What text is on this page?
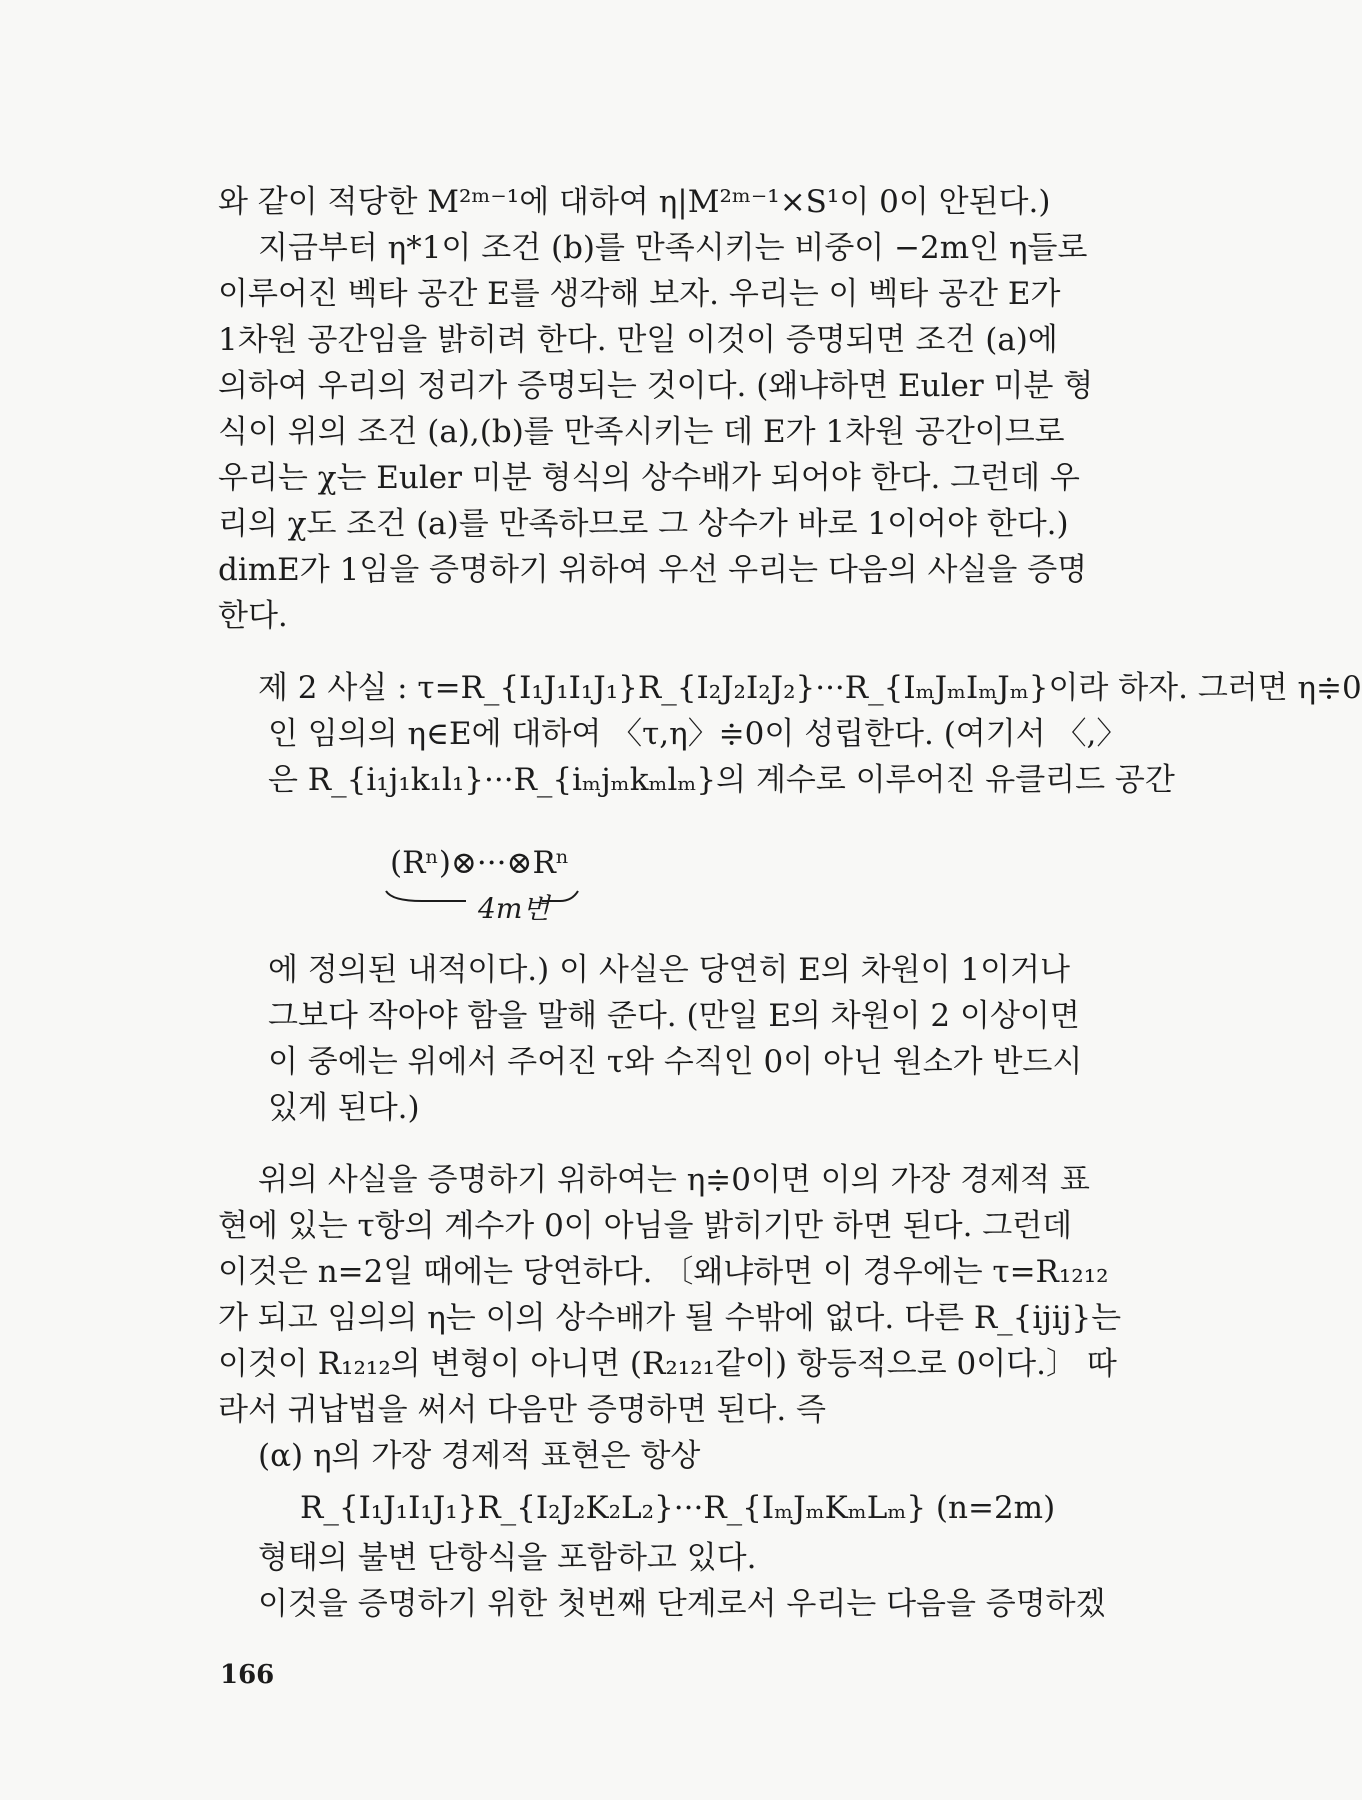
와 같이 적당한 M²ᵐ⁻¹에 대하여 η|M²ᵐ⁻¹×S¹이 0이 안된다.)
지금부터 η*1이 조건 (b)를 만족시키는 비중이 −2m인 η들로
이루어진 벡타 공간 E를 생각해 보자. 우리는 이 벡타 공간 E가
1차원 공간임을 밝히려 한다. 만일 이것이 증명되면 조건 (a)에
의하여 우리의 정리가 증명되는 것이다. (왜냐하면 Euler 미분 형
식이 위의 조건 (a),(b)를 만족시키는 데 E가 1차원 공간이므로
우리는 χ는 Euler 미분 형식의 상수배가 되어야 한다. 그런데 우
리의 χ도 조건 (a)를 만족하므로 그 상수가 바로 1이어야 한다.)
dimE가 1임을 증명하기 위하여 우선 우리는 다음의 사실을 증명
한다.
제 2 사실 : τ=R_{I₁J₁I₁J₁}R_{I₂J₂I₂J₂}···R_{IₘJₘIₘJₘ}이라 하자. 그러면 η≑0
인 임의의 η∈E에 대하여 〈τ,η〉≑0이 성립한다. (여기서 〈,〉
은 R_{i₁j₁k₁l₁}···R_{iₘjₘkₘlₘ}의 계수로 이루어진 유클리드 공간
(Rⁿ)⊗···⊗Rⁿ
4m번
에 정의된 내적이다.) 이 사실은 당연히 E의 차원이 1이거나
그보다 작아야 함을 말해 준다. (만일 E의 차원이 2 이상이면
이 중에는 위에서 주어진 τ와 수직인 0이 아닌 원소가 반드시
있게 된다.)
위의 사실을 증명하기 위하여는 η≑0이면 이의 가장 경제적 표
현에 있는 τ항의 계수가 0이 아님을 밝히기만 하면 된다. 그런데
이것은 n=2일 때에는 당연하다. 〔왜냐하면 이 경우에는 τ=R₁₂₁₂
가 되고 임의의 η는 이의 상수배가 될 수밖에 없다. 다른 R_{ijij}는
이것이 R₁₂₁₂의 변형이 아니면 (R₂₁₂₁같이) 항등적으로 0이다.〕 따
라서 귀납법을 써서 다음만 증명하면 된다. 즉
(α) η의 가장 경제적 표현은 항상
R_{I₁J₁I₁J₁}R_{I₂J₂K₂L₂}···R_{IₘJₘKₘLₘ} (n=2m)
형태의 불변 단항식을 포함하고 있다.
이것을 증명하기 위한 첫번째 단계로서 우리는 다음을 증명하겠
166
